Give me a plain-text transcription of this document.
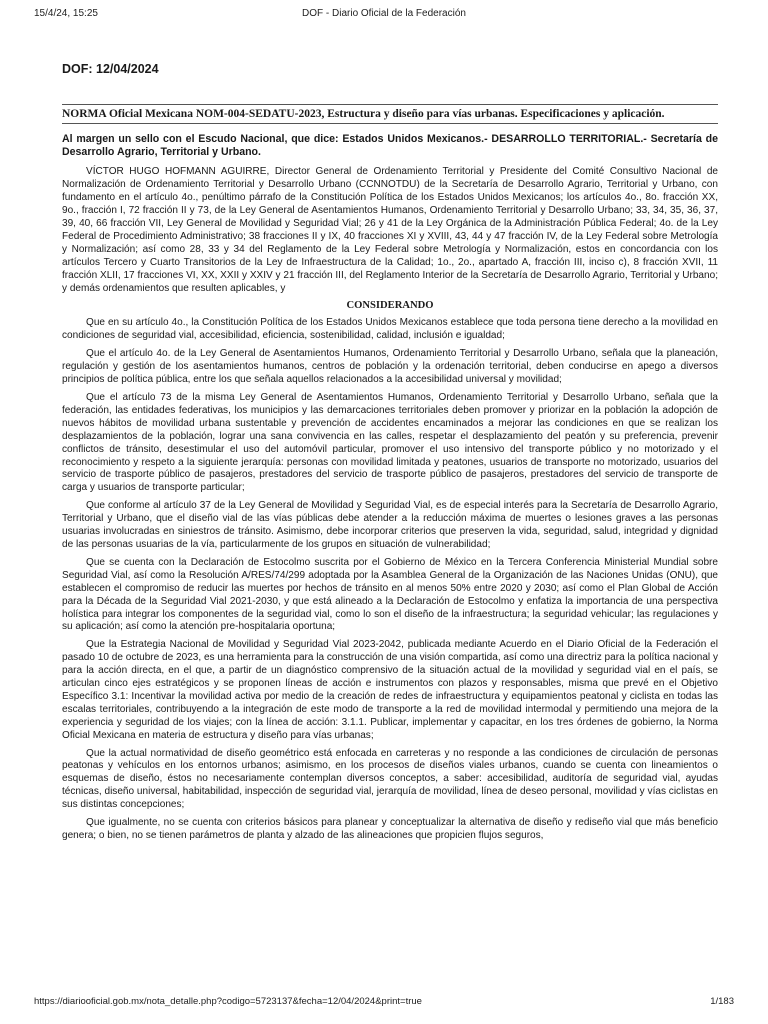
15/4/24, 15:25	DOF - Diario Oficial de la Federación
DOF: 12/04/2024
NORMA Oficial Mexicana NOM-004-SEDATU-2023, Estructura y diseño para vías urbanas. Especificaciones y aplicación.

Al margen un sello con el Escudo Nacional, que dice: Estados Unidos Mexicanos.- DESARROLLO TERRITORIAL.- Secretaría de Desarrollo Agrario, Territorial y Urbano.

VÍCTOR HUGO HOFMANN AGUIRRE, Director General de Ordenamiento Territorial y Presidente del Comité Consultivo Nacional de Normalización de Ordenamiento Territorial y Desarrollo Urbano (CCNNOTDU) de la Secretaría de Desarrollo Agrario, Territorial y Urbano, con fundamento en el artículo 4o., penúltimo párrafo de la Constitución Política de los Estados Unidos Mexicanos; los artículos 4o., 8o. fracción XX, 9o., fracción I, 72 fracción II y 73, de la Ley General de Asentamientos Humanos, Ordenamiento Territorial y Desarrollo Urbano; 33, 34, 35, 36, 37, 39, 40, 66 fracción VII, Ley General de Movilidad y Seguridad Vial; 26 y 41 de la Ley Orgánica de la Administración Pública Federal; 4o. de la Ley Federal de Procedimiento Administrativo; 38 fracciones II y IX, 40 fracciones XI y XVIII, 43, 44 y 47 fracción IV, de la Ley Federal sobre Metrología y Normalización; así como 28, 33 y 34 del Reglamento de la Ley Federal sobre Metrología y Normalización, estos en concordancia con los artículos Tercero y Cuarto Transitorios de la Ley de Infraestructura de la Calidad; 1o., 2o., apartado A, fracción III, inciso c), 8 fracción XVII, 11 fracción XLII, 17 fracciones VI, XX, XXII y XXIV y 21 fracción III, del Reglamento Interior de la Secretaría de Desarrollo Agrario, Territorial y Urbano; y demás ordenamientos que resulten aplicables, y

CONSIDERANDO

Que en su artículo 4o., la Constitución Política de los Estados Unidos Mexicanos establece que toda persona tiene derecho a la movilidad en condiciones de seguridad vial, accesibilidad, eficiencia, sostenibilidad, calidad, inclusión e igualdad;

Que el artículo 4o. de la Ley General de Asentamientos Humanos, Ordenamiento Territorial y Desarrollo Urbano, señala que la planeación, regulación y gestión de los asentamientos humanos, centros de población y la ordenación territorial, deben conducirse en apego a diversos principios de política pública, entre los que señala aquellos relacionados a la accesibilidad universal y movilidad;

Que el artículo 73 de la misma Ley General de Asentamientos Humanos, Ordenamiento Territorial y Desarrollo Urbano, señala que la federación, las entidades federativas, los municipios y las demarcaciones territoriales deben promover y priorizar en la población la adopción de nuevos hábitos de movilidad urbana sustentable y prevención de accidentes encaminados a mejorar las condiciones en que se realizan los desplazamientos de la población, lograr una sana convivencia en las calles, respetar el desplazamiento del peatón y su preferencia, prevenir conflictos de tránsito, desestimular el uso del automóvil particular, promover el uso intensivo del transporte público y no motorizado y el reconocimiento y respeto a la siguiente jerarquía: personas con movilidad limitada y peatones, usuarios de transporte no motorizado, usuarios del servicio de trasporte público de pasajeros, prestadores del servicio de trasporte público de pasajeros, prestadores del servicio de transporte de carga y usuarios de transporte particular;

Que conforme al artículo 37 de la Ley General de Movilidad y Seguridad Vial, es de especial interés para la Secretaría de Desarrollo Agrario, Territorial y Urbano, que el diseño vial de las vías públicas debe atender a la reducción máxima de muertes o lesiones graves a las personas usuarias involucradas en siniestros de tránsito. Asimismo, debe incorporar criterios que preserven la vida, seguridad, salud, integridad y dignidad de las personas usuarias de la vía, particularmente de los grupos en situación de vulnerabilidad;

Que se cuenta con la Declaración de Estocolmo suscrita por el Gobierno de México en la Tercera Conferencia Ministerial Mundial sobre Seguridad Vial, así como la Resolución A/RES/74/299 adoptada por la Asamblea General de la Organización de las Naciones Unidas (ONU), que establecen el compromiso de reducir las muertes por hechos de tránsito en al menos 50% entre 2020 y 2030; así como el Plan Global de Acción para la Década de la Seguridad Vial 2021-2030, y que está alineado a la Declaración de Estocolmo y enfatiza la importancia de una perspectiva holística para integrar los componentes de la seguridad vial, como lo son el diseño de la infraestructura; la seguridad vehicular; las regulaciones y su aplicación; así como la atención pre-hospitalaria oportuna;

Que la Estrategia Nacional de Movilidad y Seguridad Vial 2023-2042, publicada mediante Acuerdo en el Diario Oficial de la Federación el pasado 10 de octubre de 2023, es una herramienta para la construcción de una visión compartida, así como una directriz para la política nacional y para la acción directa, en el que, a partir de un diagnóstico comprensivo de la situación actual de la movilidad y seguridad vial en el país, se articulan cinco ejes estratégicos y se proponen líneas de acción e instrumentos con plazos y responsables, misma que prevé en el Objetivo Específico 3.1: Incentivar la movilidad activa por medio de la creación de redes de infraestructura y equipamientos peatonal y ciclista en todas las escalas territoriales, contribuyendo a la integración de este modo de transporte a la red de movilidad intermodal y permitiendo una mejora de la experiencia y seguridad de los viajes; con la línea de acción: 3.1.1. Publicar, implementar y capacitar, en los tres órdenes de gobierno, la Norma Oficial Mexicana en materia de estructura y diseño para vías urbanas;

Que la actual normatividad de diseño geométrico está enfocada en carreteras y no responde a las condiciones de circulación de personas peatonas y vehículos en los entornos urbanos; asimismo, en los procesos de diseños viales urbanos, cuando se cuenta con lineamientos o esquemas de diseño, éstos no necesariamente contemplan diversos conceptos, a saber: accesibilidad, auditoría de seguridad vial, ayudas técnicas, diseño universal, habitabilidad, inspección de seguridad vial, jerarquía de movilidad, línea de deseo personal, movilidad y vías ciclistas en sus distintas concepciones;

Que igualmente, no se cuenta con criterios básicos para planear y conceptualizar la alternativa de diseño y rediseño vial que más beneficio genera; o bien, no se tienen parámetros de planta y alzado de las alineaciones que propicien flujos seguros,

https://diariooficial.gob.mx/nota_detalle.php?codigo=5723137&fecha=12/04/2024&print=true	1/183
